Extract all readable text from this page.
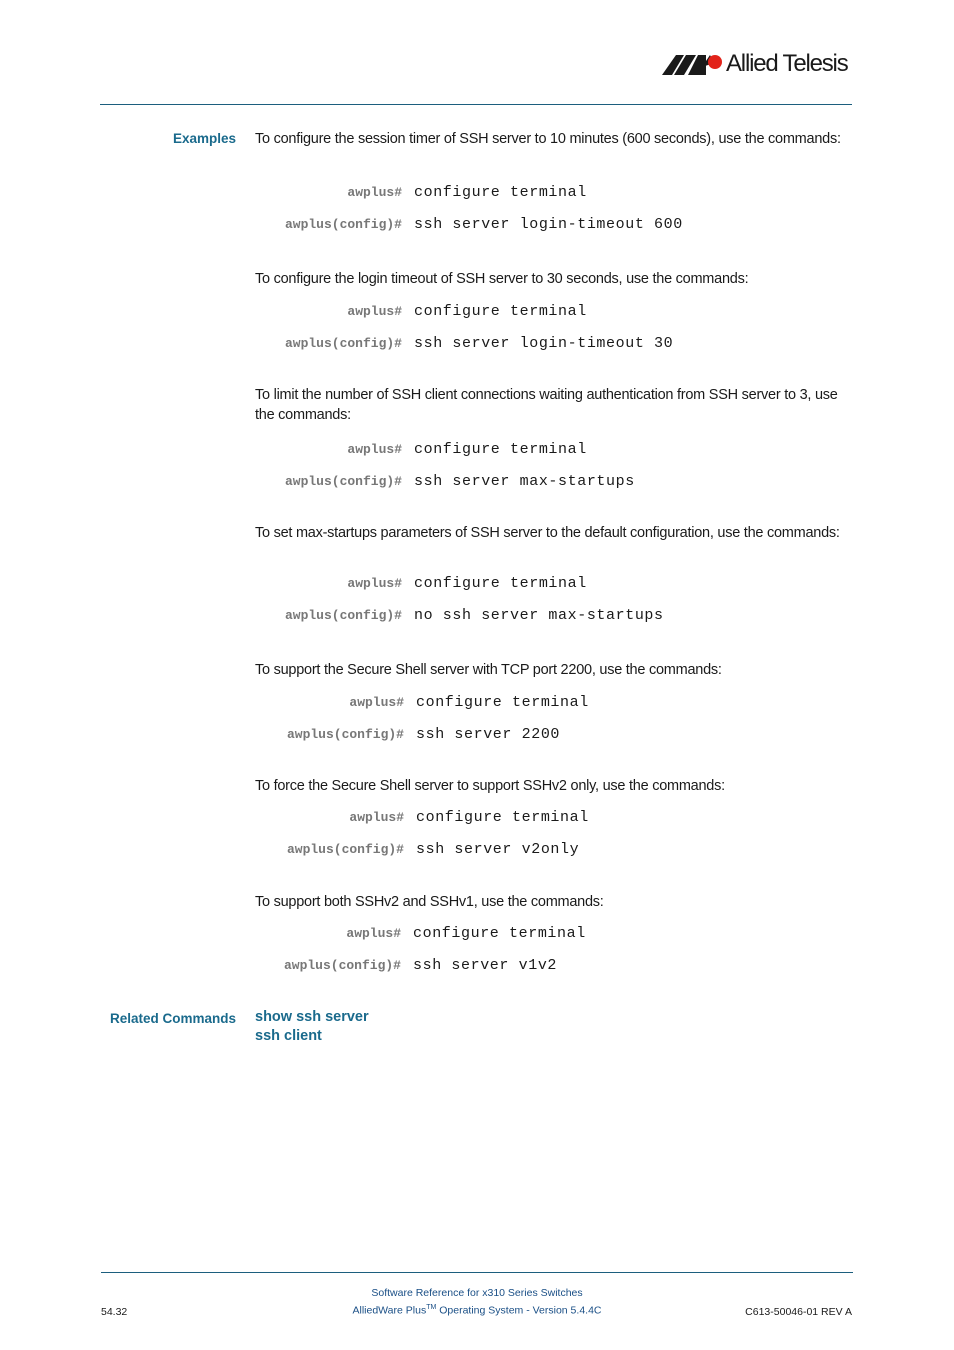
Allied Telesis
Examples To configure the session timer of SSH server to 10 minutes (600 seconds), use the commands:
awplus# configure terminal
awplus(config)# ssh server login-timeout 600
To configure the login timeout of SSH server to 30 seconds, use the commands:
awplus# configure terminal
awplus(config)# ssh server login-timeout 30
To limit the number of SSH client connections waiting authentication from SSH server to 3, use the commands:
awplus# configure terminal
awplus(config)# ssh server max-startups
To set max-startups parameters of SSH server to the default configuration, use the commands:
awplus# configure terminal
awplus(config)# no ssh server max-startups
To support the Secure Shell server with TCP port 2200, use the commands:
awplus# configure terminal
awplus(config)# ssh server 2200
To force the Secure Shell server to support SSHv2 only, use the commands:
awplus# configure terminal
awplus(config)# ssh server v2only
To support both SSHv2 and SSHv1, use the commands:
awplus# configure terminal
awplus(config)# ssh server v1v2
Related Commands show ssh server
ssh client
Software Reference for x310 Series Switches
54.32	AlliedWare Plus™ Operating System - Version 5.4.4C	C613-50046-01 REV A
